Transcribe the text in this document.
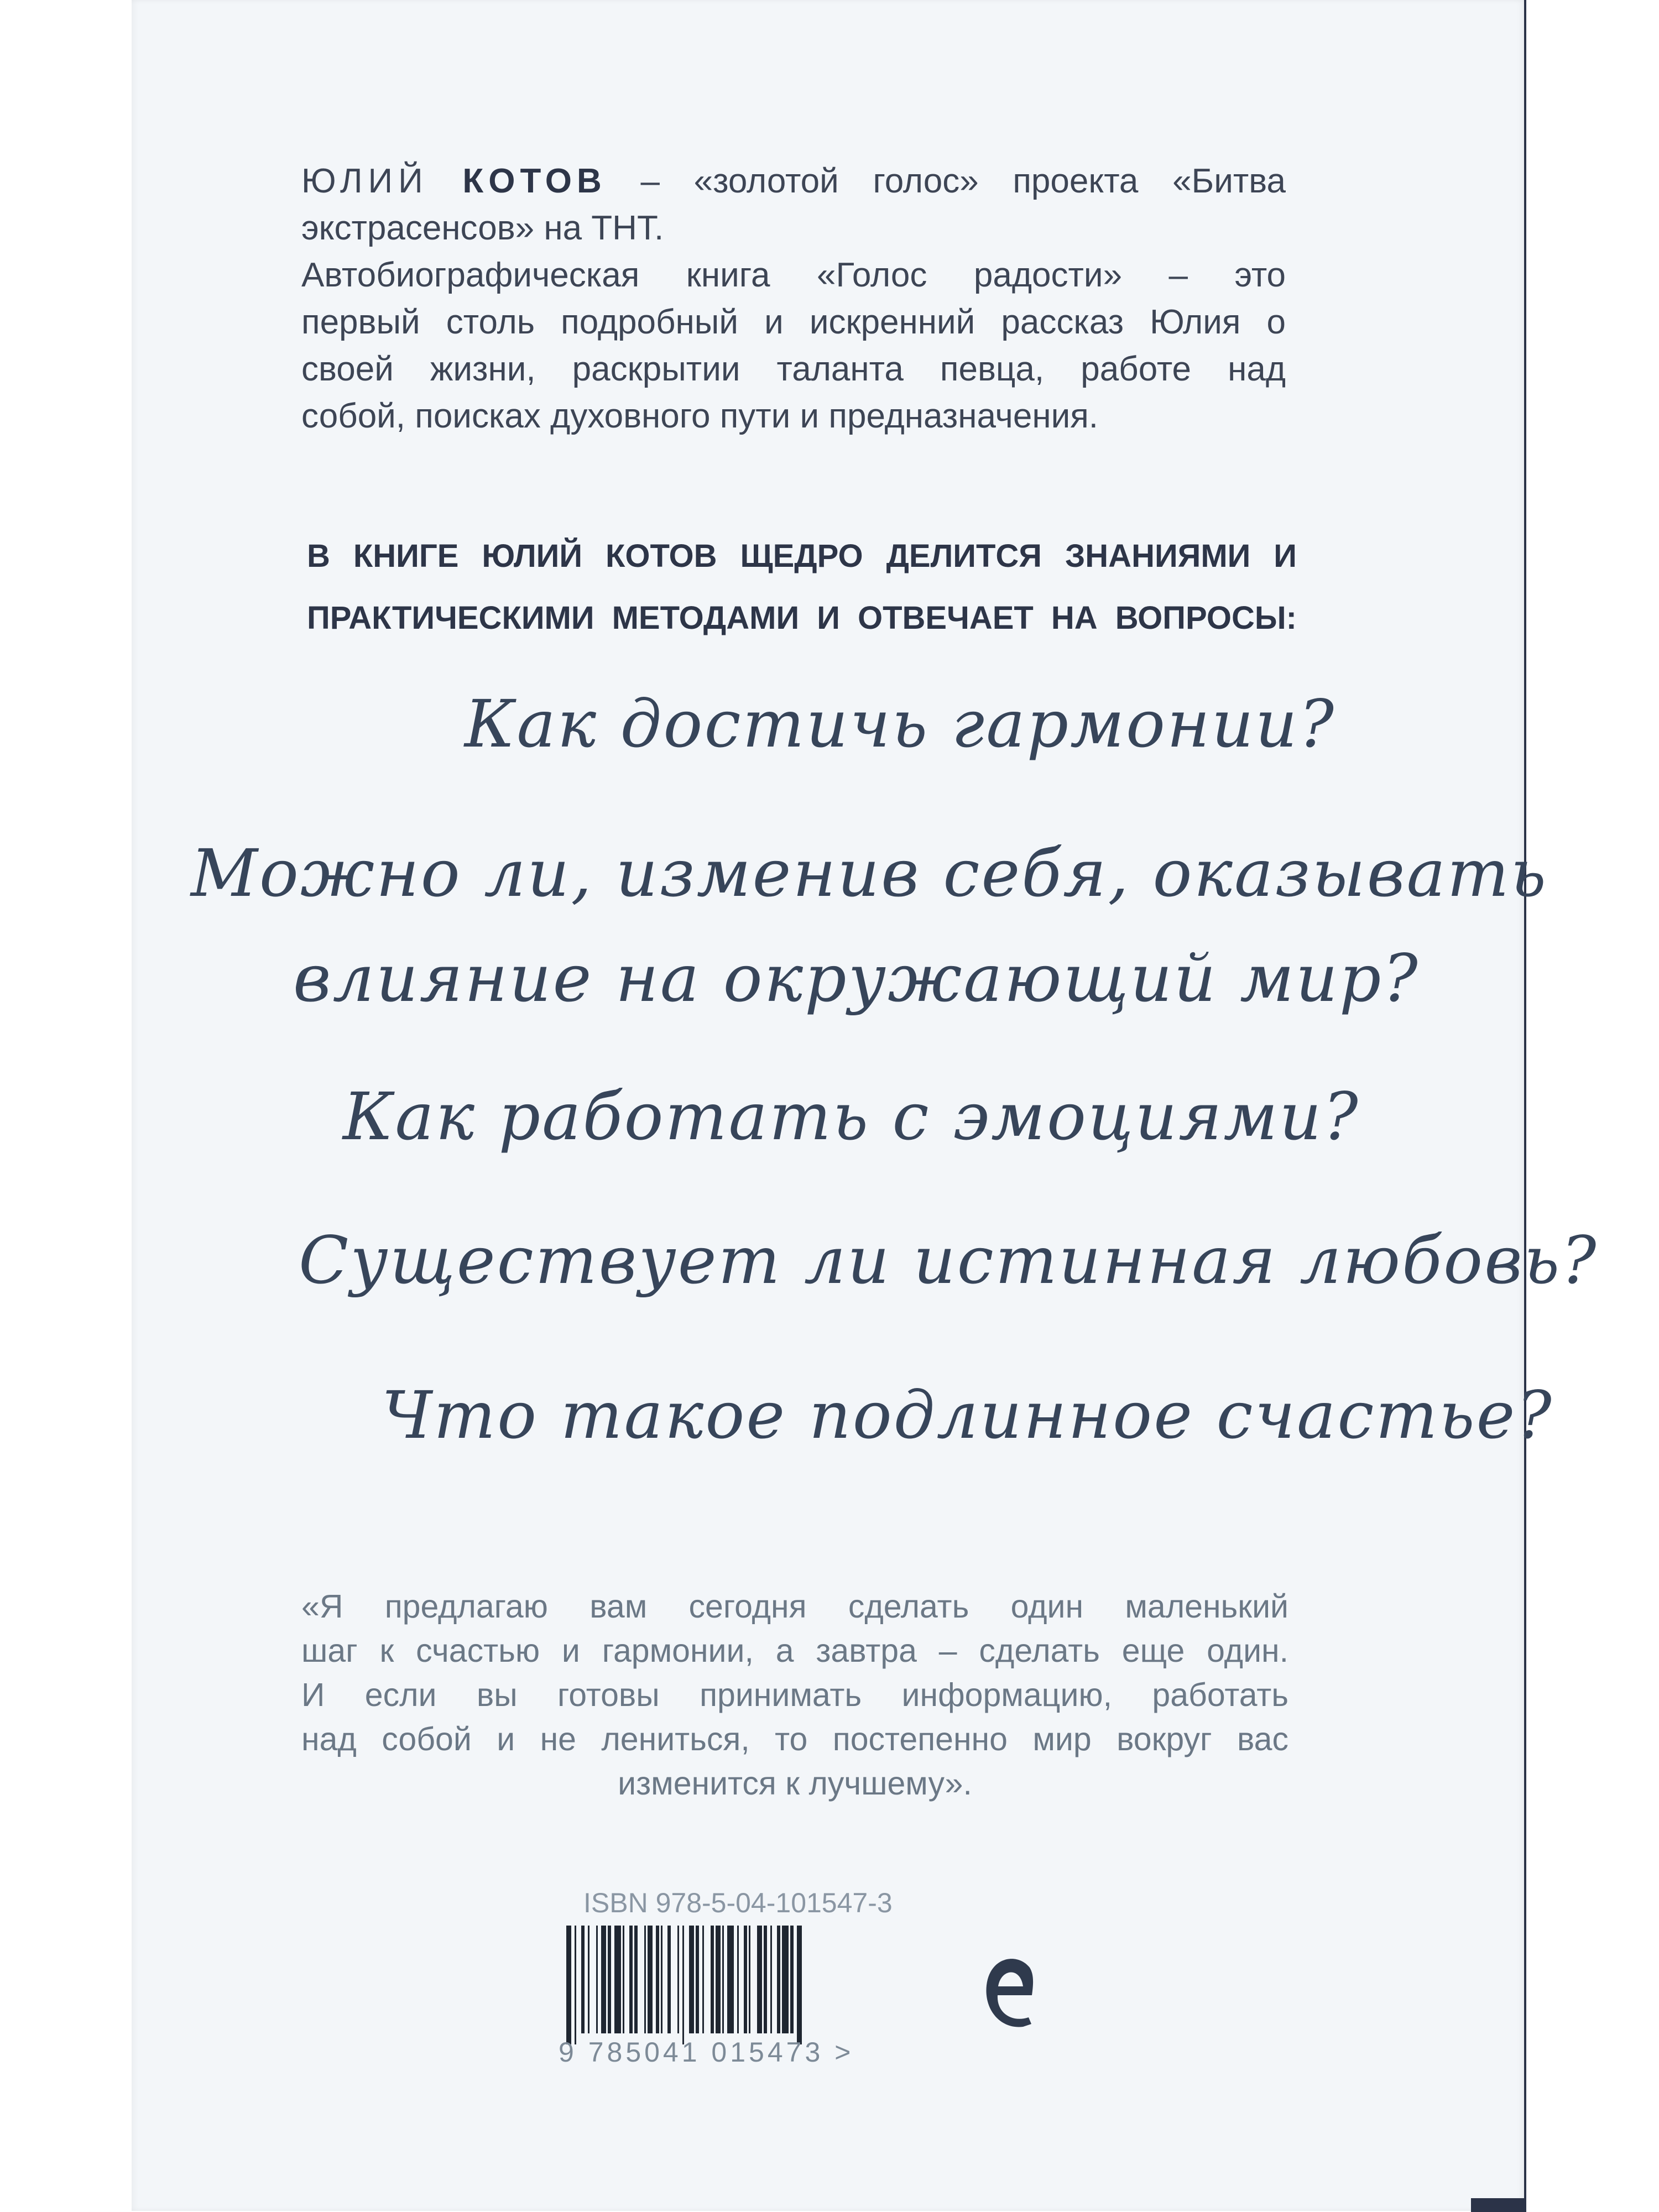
ЮЛИЙ КОТОВ – «золотой голос» проекта «Битва
экстрасенсов» на ТНТ.
Автобиографическая книга «Голос радости» – это
первый столь подробный и искренний рассказ Юлия о
своей жизни, раскрытии таланта певца, работе над
собой, поисках духовного пути и предназначения.
В КНИГЕ ЮЛИЙ КОТОВ ЩЕДРО ДЕЛИТСЯ ЗНАНИЯМИ И
ПРАКТИЧЕСКИМИ МЕТОДАМИ И ОТВЕЧАЕТ НА ВОПРОСЫ:
Как достичь гармонии?
Можно ли, изменив себя, оказывать
влияние на окружающий мир?
Как работать с эмоциями?
Существует ли истинная любовь?
Что такое подлинное счастье?
«Я предлагаю вам сегодня сделать один маленький
шаг к счастью и гармонии, а завтра – сделать еще один.
И если вы готовы принимать информацию, работать
над собой и не лениться, то постепенно мир вокруг вас
изменится к лучшему».
ISBN 978-5-04-101547-3
9 785041 015473 >
